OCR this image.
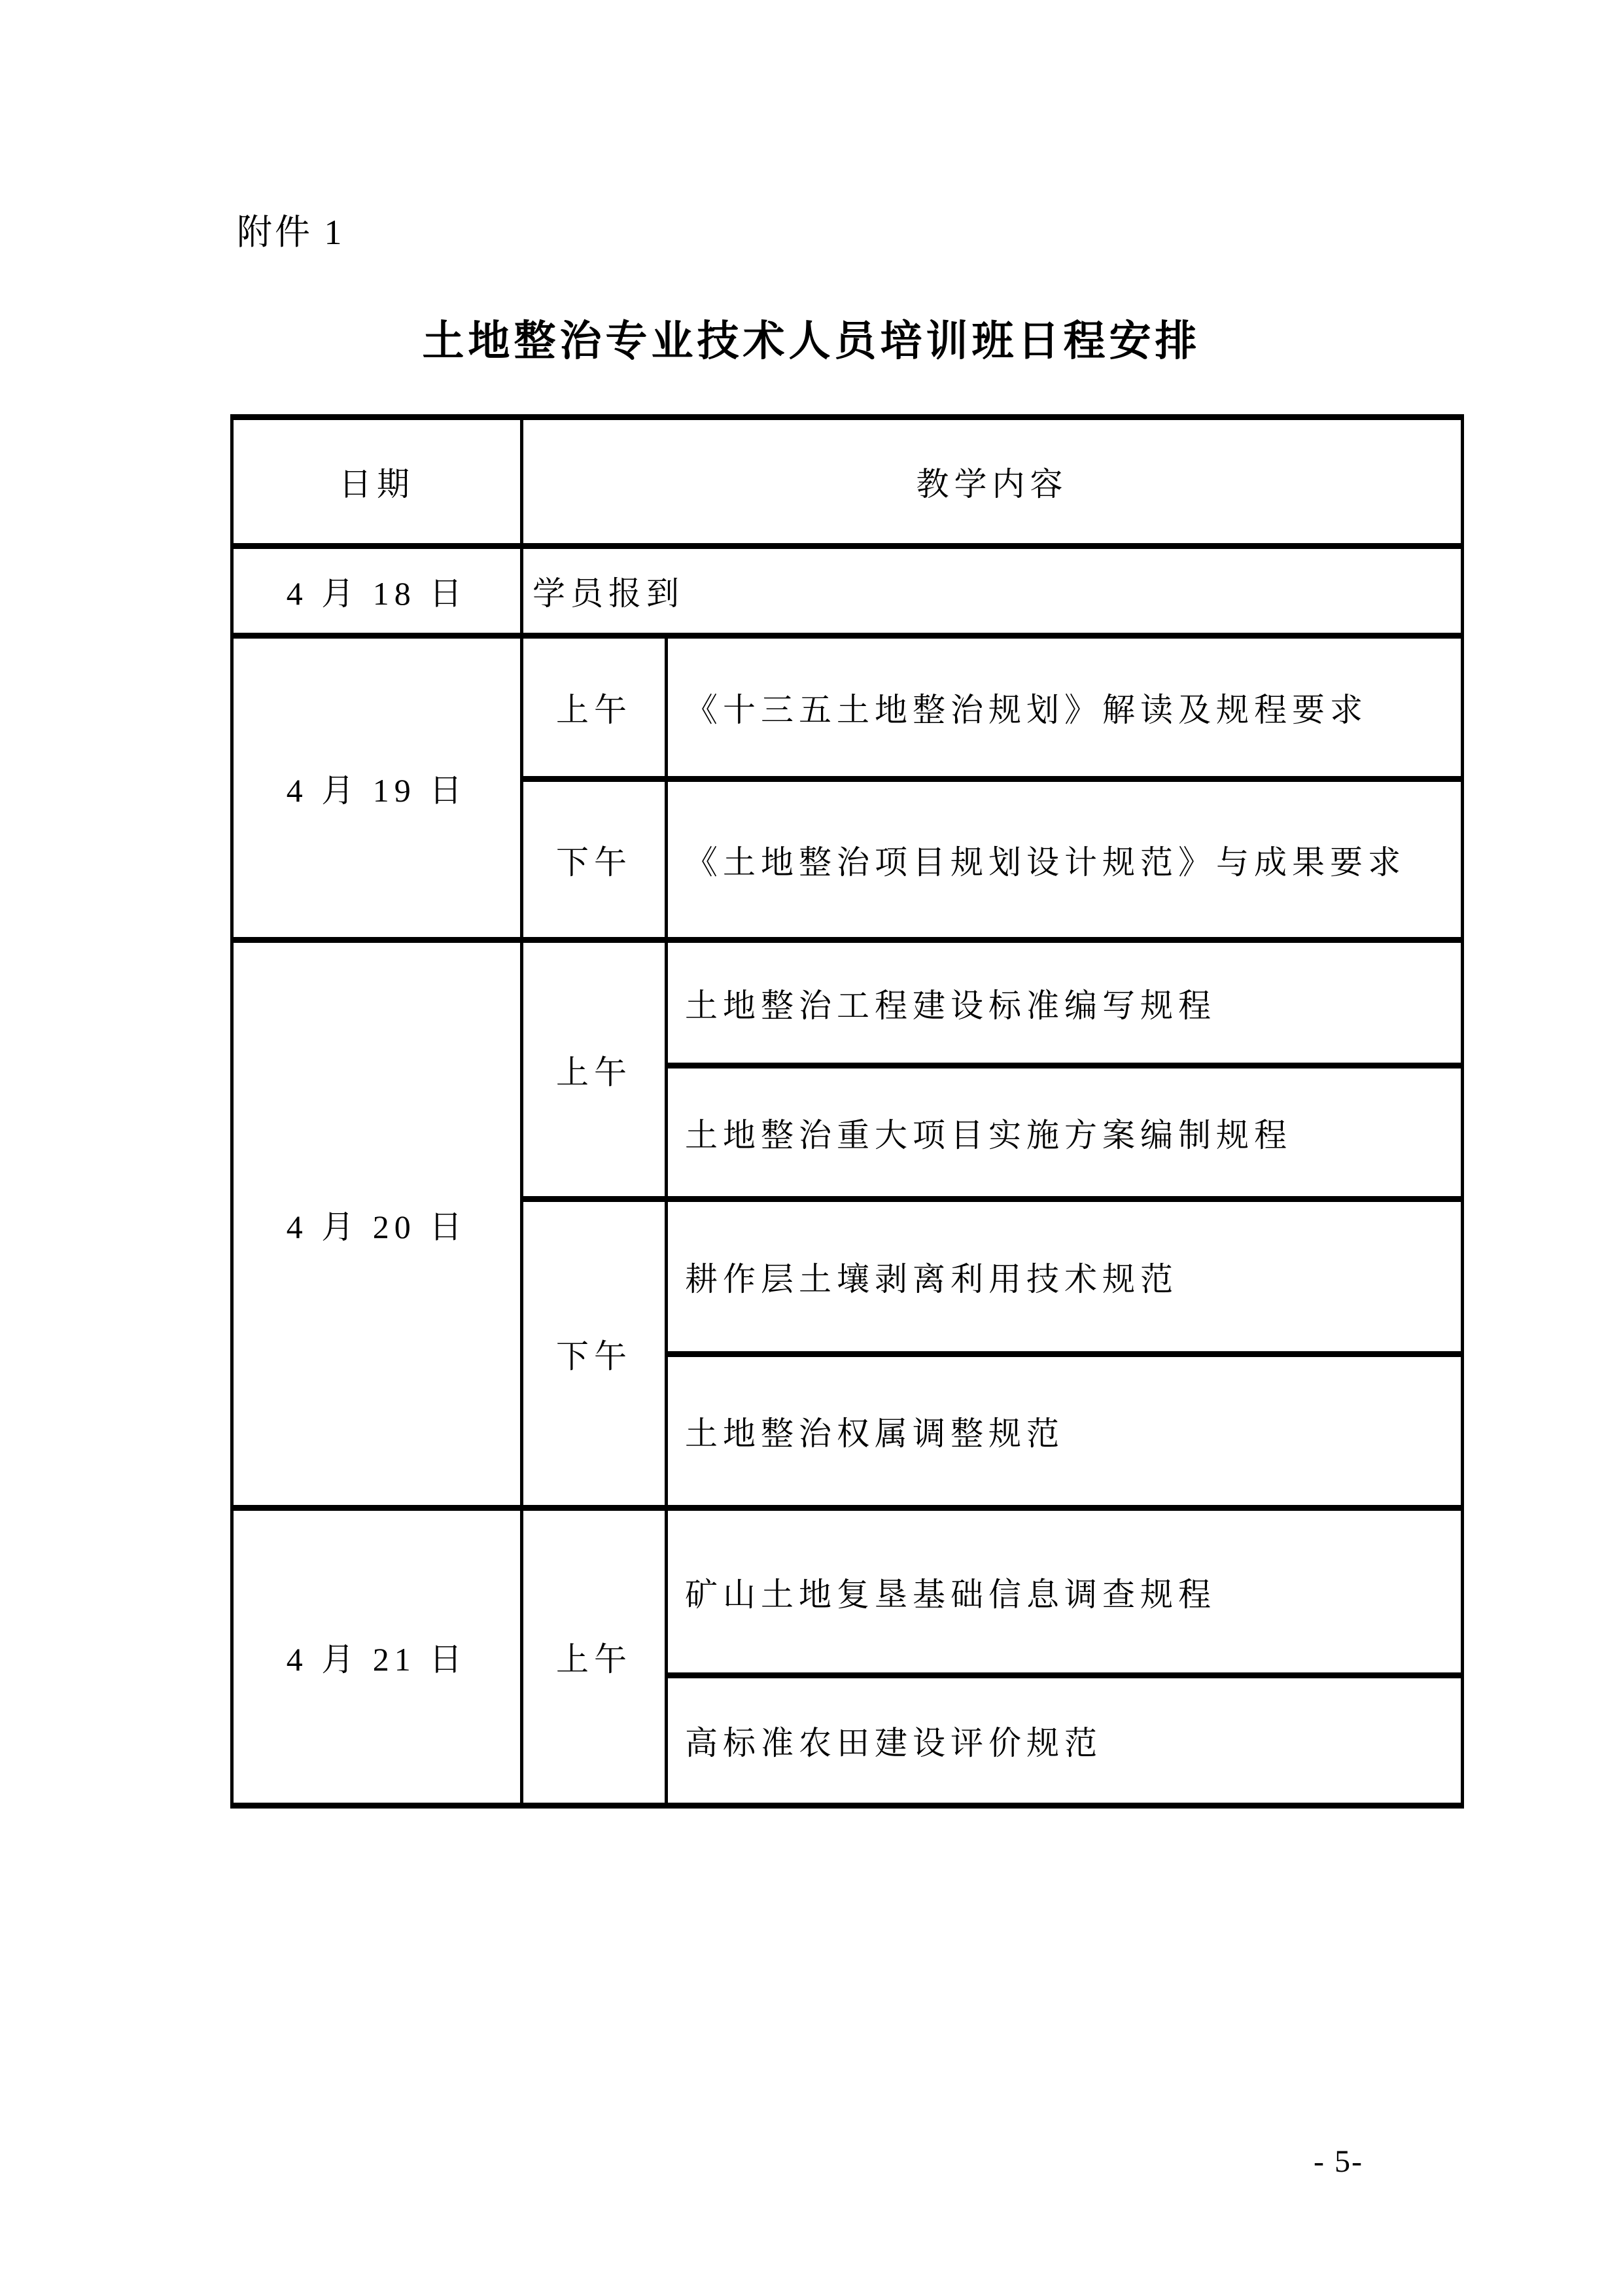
附件 1
土地整治专业技术人员培训班日程安排
日期	教学内容	
4 月 18 日	学员报到	
4 月 19 日	上午	《十三五土地整治规划》解读及规程要求
	下午	《土地整治项目规划设计规范》与成果要求
4 月 20 日	上午	土地整治工程建设标准编写规程
		土地整治重大项目实施方案编制规程
	下午	耕作层土壤剥离利用技术规范
		土地整治权属调整规范
4 月 21 日	上午	矿山土地复垦基础信息调查规程
		高标准农田建设评价规范
- 5-
